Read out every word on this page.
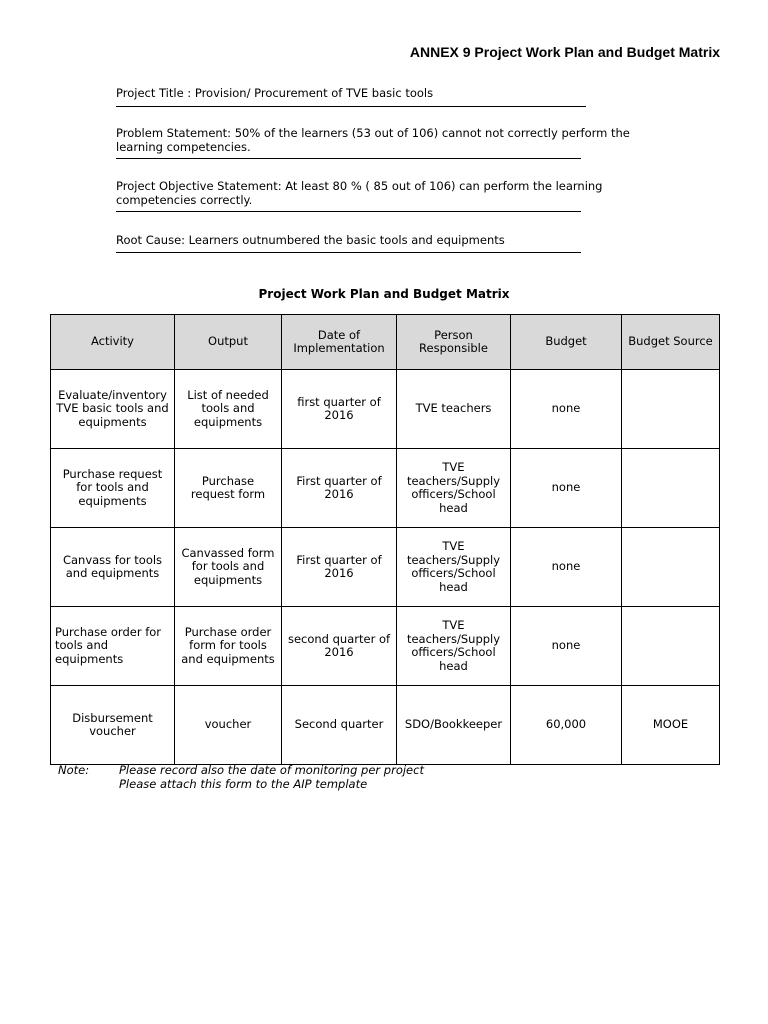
ANNEX 9 Project Work Plan and Budget Matrix
Project Title : Provision/ Procurement of TVE basic tools
Problem Statement: 50% of the learners (53 out of 106) cannot not correctly perform the learning competencies.
Project Objective Statement: At least 80 % ( 85 out of 106) can perform the learning competencies correctly.
Root Cause: Learners outnumbered the basic tools and equipments
Project Work Plan and Budget Matrix
Activity	Output	Date of Implementation	Person Responsible	Budget	Budget Source
Evaluate/inventory TVE basic tools and equipments	List of needed tools and equipments	first quarter of 2016	TVE teachers	none	
Purchase request for tools and equipments	Purchase request form	First quarter of 2016	TVE teachers/Supply officers/School head	none	
Canvass for tools and equipments	Canvassed form for tools and equipments	First quarter of 2016	TVE teachers/Supply officers/School head	none	
Purchase order for tools and equipments	Purchase order form for tools and equipments	second quarter of 2016	TVE teachers/Supply officers/School head	none	
Disbursement voucher	voucher	Second quarter	SDO/Bookkeeper	60,000	MOOE
Note:	Please record also the date of monitoring per project
Please attach this form to the AIP template
